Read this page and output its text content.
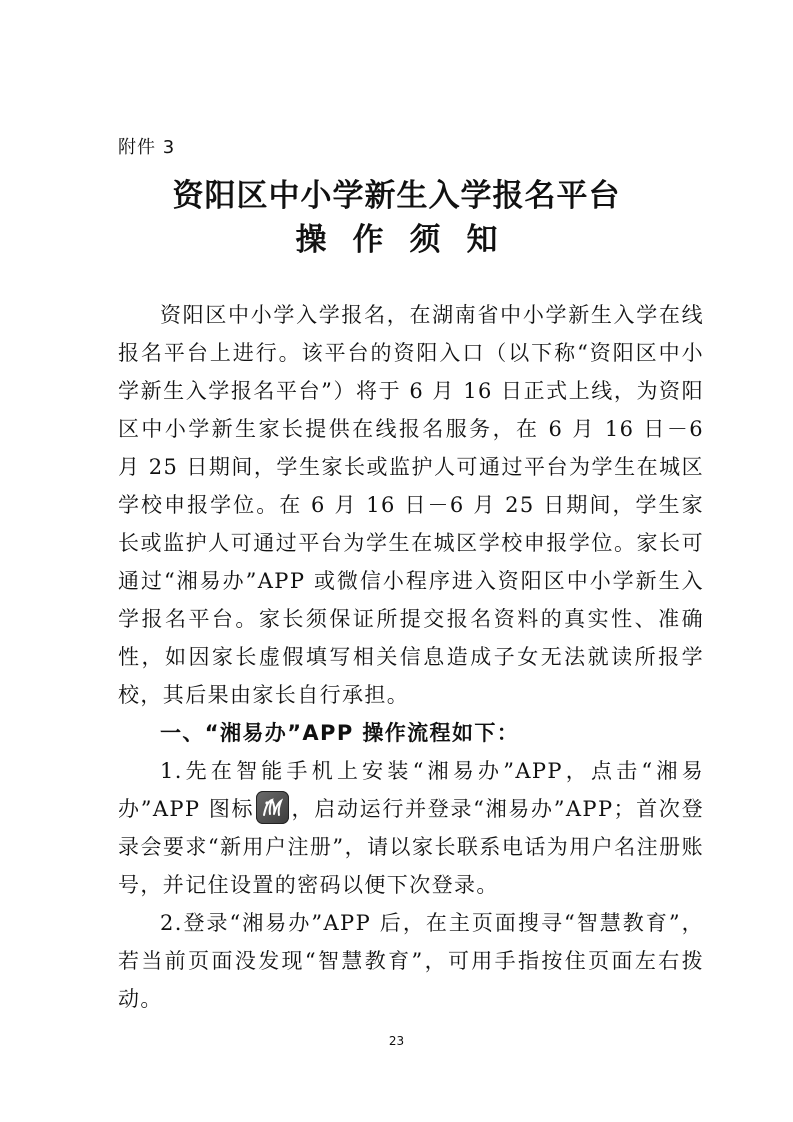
附件 3
资阳区中小学新生入学报名平台
操作须知

资阳区中小学入学报名，在湖南省中小学新生入学在线报名平台上进行。该平台的资阳入口（以下称“资阳区中小学新生入学报名平台”）将于 6 月 16 日正式上线，为资阳区中小学新生家长提供在线报名服务，在 6 月 16 日－6 月 25 日期间，学生家长或监护人可通过平台为学生在城区学校申报学位。在 6 月 16 日－6 月 25 日期间，学生家长或监护人可通过平台为学生在城区学校申报学位。家长可通过“湘易办”APP 或微信小程序进入资阳区中小学新生入学报名平台。家长须保证所提交报名资料的真实性、准确性，如因家长虚假填写相关信息造成子女无法就读所报学校，其后果由家长自行承担。

一、“湘易办”APP 操作流程如下：

1.先在智能手机上安装“湘易办”APP，点击“湘易办”APP 图标 ，启动运行并登录“湘易办”APP；首次登录会要求“新用户注册”，请以家长联系电话为用户名注册账号，并记住设置的密码以便下次登录。

2.登录“湘易办”APP 后，在主页面搜寻“智慧教育”，若当前页面没发现“智慧教育”，可用手指按住页面左右拨动。

23
